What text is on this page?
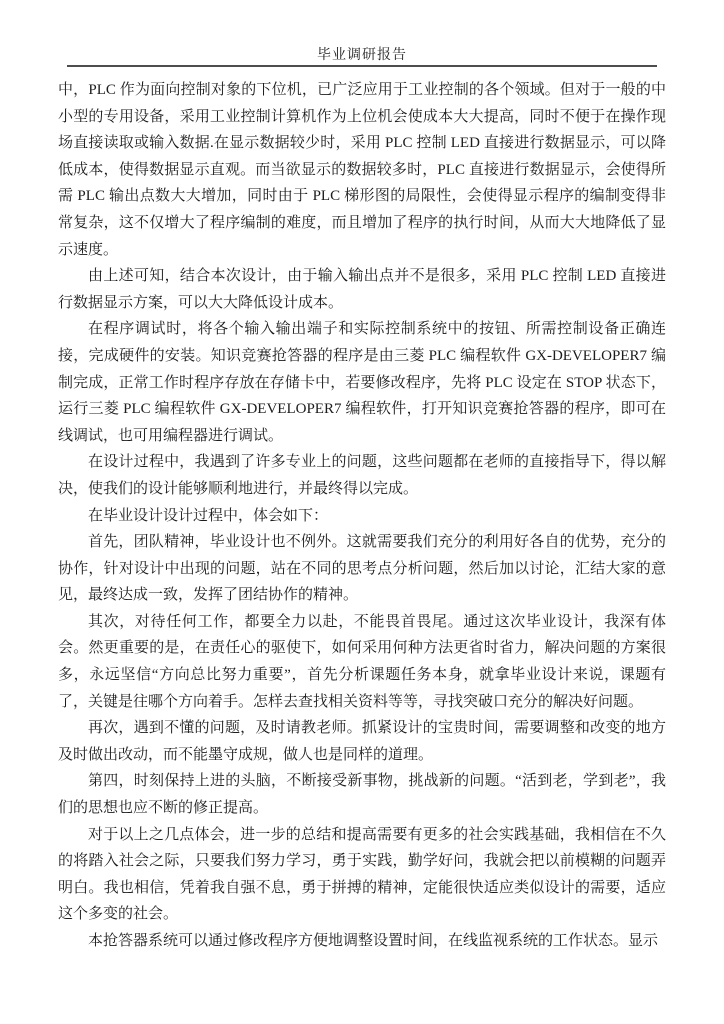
毕业调研报告

中，PLC 作为面向控制对象的下位机，已广泛应用于工业控制的各个领域。但对于一般的中小型的专用设备，采用工业控制计算机作为上位机会使成本大大提高，同时不便于在操作现场直接读取或输入数据.在显示数据较少时，采用 PLC 控制 LED 直接进行数据显示，可以降低成本，使得数据显示直观。而当欲显示的数据较多时，PLC 直接进行数据显示，会使得所需 PLC 输出点数大大增加，同时由于 PLC 梯形图的局限性，会使得显示程序的编制变得非常复杂，这不仅增大了程序编制的难度，而且增加了程序的执行时间，从而大大地降低了显示速度。

由上述可知，结合本次设计，由于输入输出点并不是很多，采用 PLC 控制 LED 直接进行数据显示方案，可以大大降低设计成本。

在程序调试时，将各个输入输出端子和实际控制系统中的按钮、所需控制设备正确连接，完成硬件的安装。知识竞赛抢答器的程序是由三菱 PLC 编程软件 GX-DEVELOPER7 编制完成，正常工作时程序存放在存储卡中，若要修改程序，先将 PLC 设定在 STOP 状态下，运行三菱 PLC 编程软件 GX-DEVELOPER7 编程软件，打开知识竞赛抢答器的程序，即可在线调试，也可用编程器进行调试。

在设计过程中，我遇到了许多专业上的问题，这些问题都在老师的直接指导下，得以解决，使我们的设计能够顺利地进行，并最终得以完成。

在毕业设计设计过程中，体会如下：

首先，团队精神，毕业设计也不例外。这就需要我们充分的利用好各自的优势，充分的协作，针对设计中出现的问题，站在不同的思考点分析问题，然后加以讨论，汇结大家的意见，最终达成一致，发挥了团结协作的精神。

其次，对待任何工作，都要全力以赴，不能畏首畏尾。通过这次毕业设计，我深有体会。然更重要的是，在责任心的驱使下，如何采用何种方法更省时省力，解决问题的方案很多，永远坚信“方向总比努力重要”，首先分析课题任务本身，就拿毕业设计来说，课题有了，关键是往哪个方向着手。怎样去查找相关资料等等，寻找突破口充分的解决好问题。

再次，遇到不懂的问题，及时请教老师。抓紧设计的宝贵时间，需要调整和改变的地方及时做出改动，而不能墨守成规，做人也是同样的道理。

第四，时刻保持上进的头脑，不断接受新事物，挑战新的问题。“活到老，学到老”，我们的思想也应不断的修正提高。

对于以上之几点体会，进一步的总结和提高需要有更多的社会实践基础，我相信在不久的将踏入社会之际，只要我们努力学习，勇于实践，勤学好问，我就会把以前模糊的问题弄明白。我也相信，凭着我自强不息，勇于拼搏的精神，定能很快适应类似设计的需要，适应这个多变的社会。

本抢答器系统可以通过修改程序方便地调整设置时间，在线监视系统的工作状态。显示
